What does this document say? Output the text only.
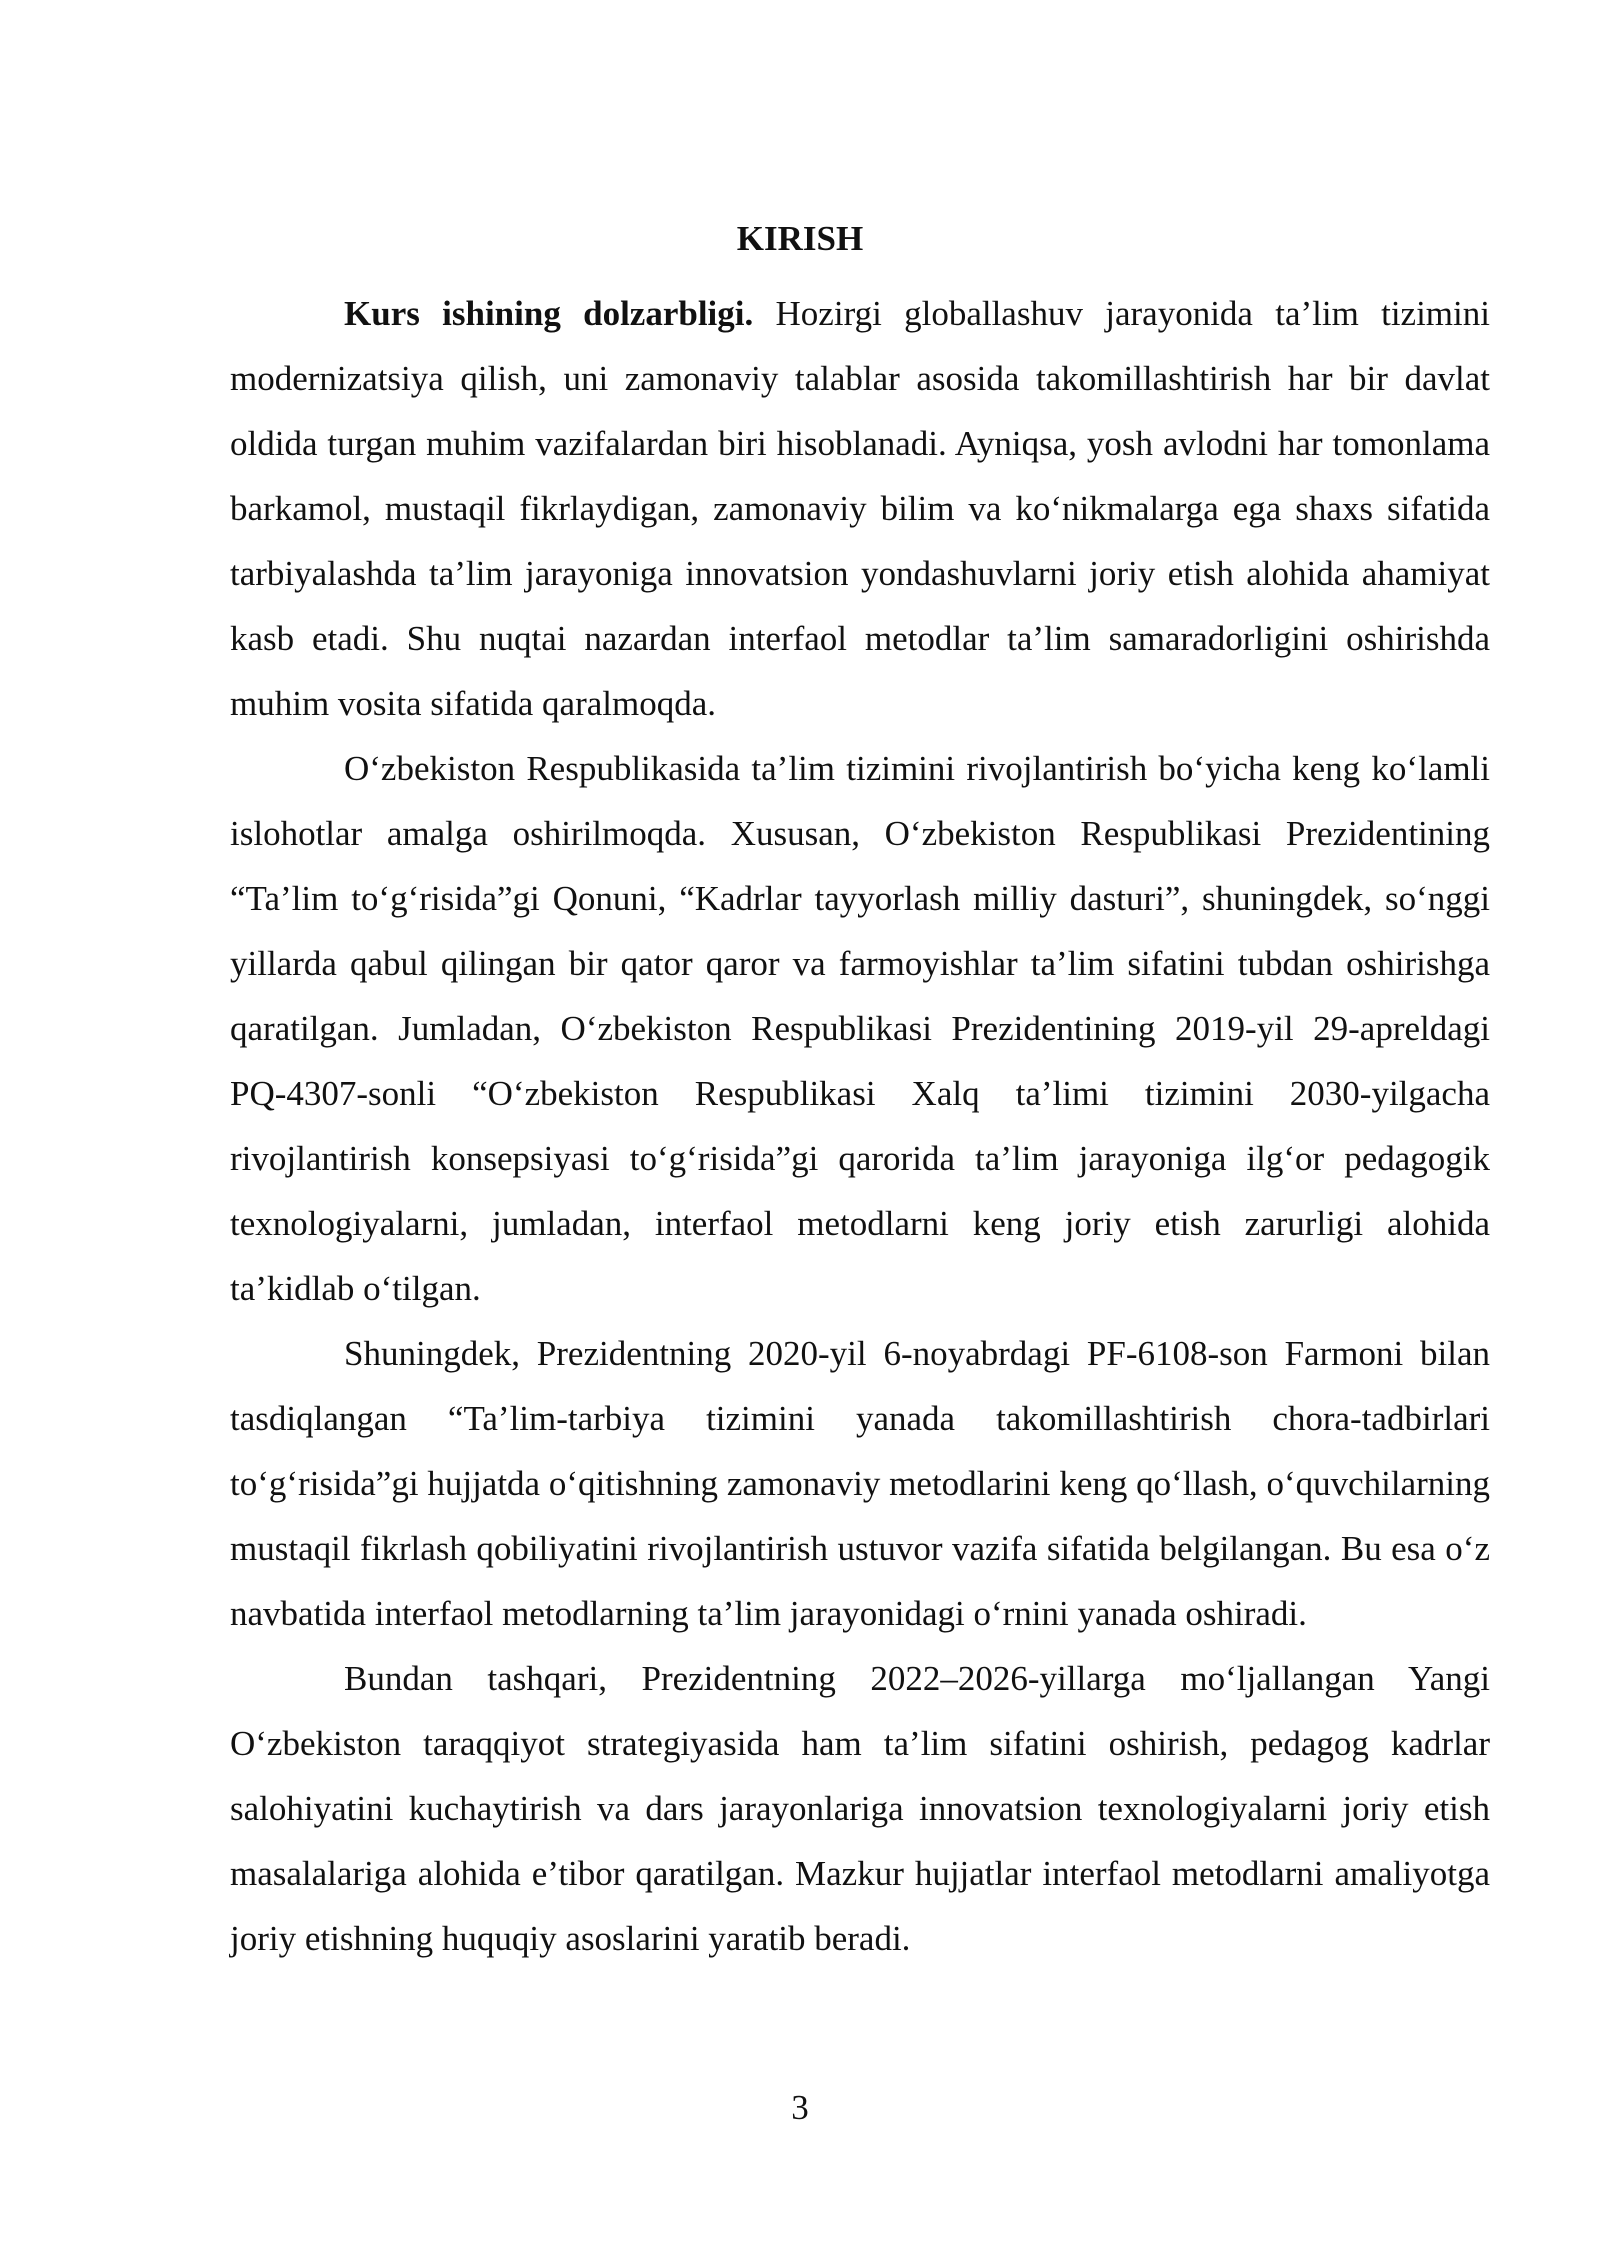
KIRISH

Kurs ishining dolzarbligi. Hozirgi globallashuv jarayonida ta’lim tizimini modernizatsiya qilish, uni zamonaviy talablar asosida takomillashtirish har bir davlat oldida turgan muhim vazifalardan biri hisoblanadi. Ayniqsa, yosh avlodni har tomonlama barkamol, mustaqil fikrlaydigan, zamonaviy bilim va ko‘nikmalarga ega shaxs sifatida tarbiyalashda ta’lim jarayoniga innovatsion yondashuvlarni joriy etish alohida ahamiyat kasb etadi. Shu nuqtai nazardan interfaol metodlar ta’lim samaradorligini oshirishda muhim vosita sifatida qaralmoqda.

O‘zbekiston Respublikasida ta’lim tizimini rivojlantirish bo‘yicha keng ko‘lamli islohotlar amalga oshirilmoqda. Xususan, O‘zbekiston Respublikasi Prezidentining “Ta’lim to‘g‘risida”gi Qonuni, “Kadrlar tayyorlash milliy dasturi”, shuningdek, so‘nggi yillarda qabul qilingan bir qator qaror va farmoyishlar ta’lim sifatini tubdan oshirishga qaratilgan. Jumladan, O‘zbekiston Respublikasi Prezidentining 2019-yil 29-apreldagi PQ-4307-sonli “O‘zbekiston Respublikasi Xalq ta’limi tizimini 2030-yilgacha rivojlantirish konsepsiyasi to‘g‘risida”gi qarorida ta’lim jarayoniga ilg‘or pedagogik texnologiyalarni, jumladan, interfaol metodlarni keng joriy etish zarurligi alohida ta’kidlab o‘tilgan.

Shuningdek, Prezidentning 2020-yil 6-noyabrdagi PF-6108-son Farmoni bilan tasdiqlangan “Ta’lim-tarbiya tizimini yanada takomillashtirish chora-tadbirlari to‘g‘risida”gi hujjatda o‘qitishning zamonaviy metodlarini keng qo‘llash, o‘quvchilarning mustaqil fikrlash qobiliyatini rivojlantirish ustuvor vazifa sifatida belgilangan. Bu esa o‘z navbatida interfaol metodlarning ta’lim jarayonidagi o‘rnini yanada oshiradi.

Bundan tashqari, Prezidentning 2022–2026-yillarga mo‘ljallangan Yangi O‘zbekiston taraqqiyot strategiyasida ham ta’lim sifatini oshirish, pedagog kadrlar salohiyatini kuchaytirish va dars jarayonlariga innovatsion texnologiyalarni joriy etish masalalariga alohida e’tibor qaratilgan. Mazkur hujjatlar interfaol metodlarni amaliyotga joriy etishning huquqiy asoslarini yaratib beradi.

3
